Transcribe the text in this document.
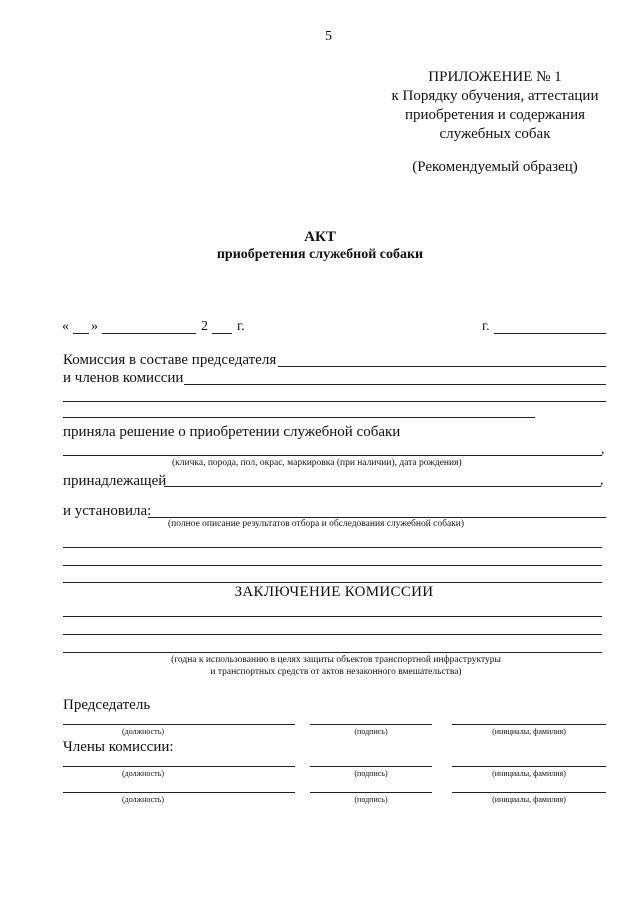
5
ПРИЛОЖЕНИЕ № 1
к Порядку обучения, аттестации
приобретения и содержания
служебных собак
(Рекомендуемый образец)
АКТ
приобретения служебной собаки
« »	2 г.	г.
Комиссия в составе председателя
и членов комиссии
приняла решение о приобретении служебной собаки
,
(кличка, порода, пол, окрас, маркировка (при наличии), дата рождения)
принадлежащей	,
и установила:
(полное описание результатов отбора и обследования служебной собаки)
ЗАКЛЮЧЕНИЕ КОМИССИИ
(годна к использованию в целях защиты объектов транспортной инфраструктуры
и транспортных средств от актов незаконного вмешательства)
Председатель
(должность)	(подпись)	(инициалы, фамилия)
Члены комиссии:
(должность)	(подпись)	(инициалы, фамилия)
(должность)	(подпись)	(инициалы, фамилия)
